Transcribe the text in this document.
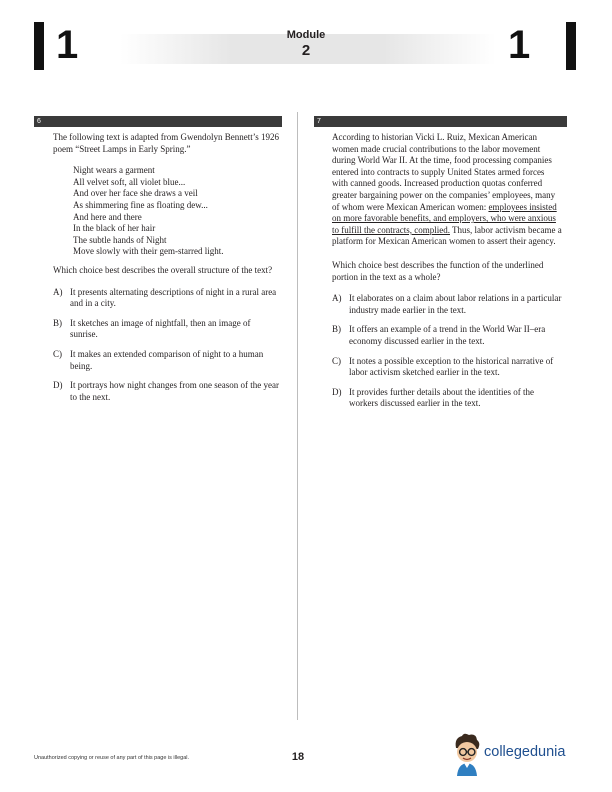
1	Module
2	1
6
The following text is adapted from Gwendolyn Bennett’s 1926 poem “Street Lamps in Early Spring.”
Night wears a garment
All velvet soft, all violet blue...
And over her face she draws a veil
As shimmering fine as floating dew...
And here and there
In the black of her hair
The subtle hands of Night
Move slowly with their gem-starred light.
Which choice best describes the overall structure of the text?
A) It presents alternating descriptions of night in a rural area and in a city.
B) It sketches an image of nightfall, then an image of sunrise.
C) It makes an extended comparison of night to a human being.
D) It portrays how night changes from one season of the year to the next.
7
According to historian Vicki L. Ruiz, Mexican American women made crucial contributions to the labor movement during World War II. At the time, food processing companies entered into contracts to supply United States armed forces with canned goods. Increased production quotas conferred greater bargaining power on the companies’ employees, many of whom were Mexican American women: employees insisted on more favorable benefits, and employers, who were anxious to fulfill the contracts, complied. Thus, labor activism became a platform for Mexican American women to assert their agency.
Which choice best describes the function of the underlined portion in the text as a whole?
A) It elaborates on a claim about labor relations in a particular industry made earlier in the text.
B) It offers an example of a trend in the World War II–era economy discussed earlier in the text.
C) It notes a possible exception to the historical narrative of labor activism sketched earlier in the text.
D) It provides further details about the identities of the workers discussed earlier in the text.
Unauthorized copying or reuse of any part of this page is illegal.	18	collegedunia
